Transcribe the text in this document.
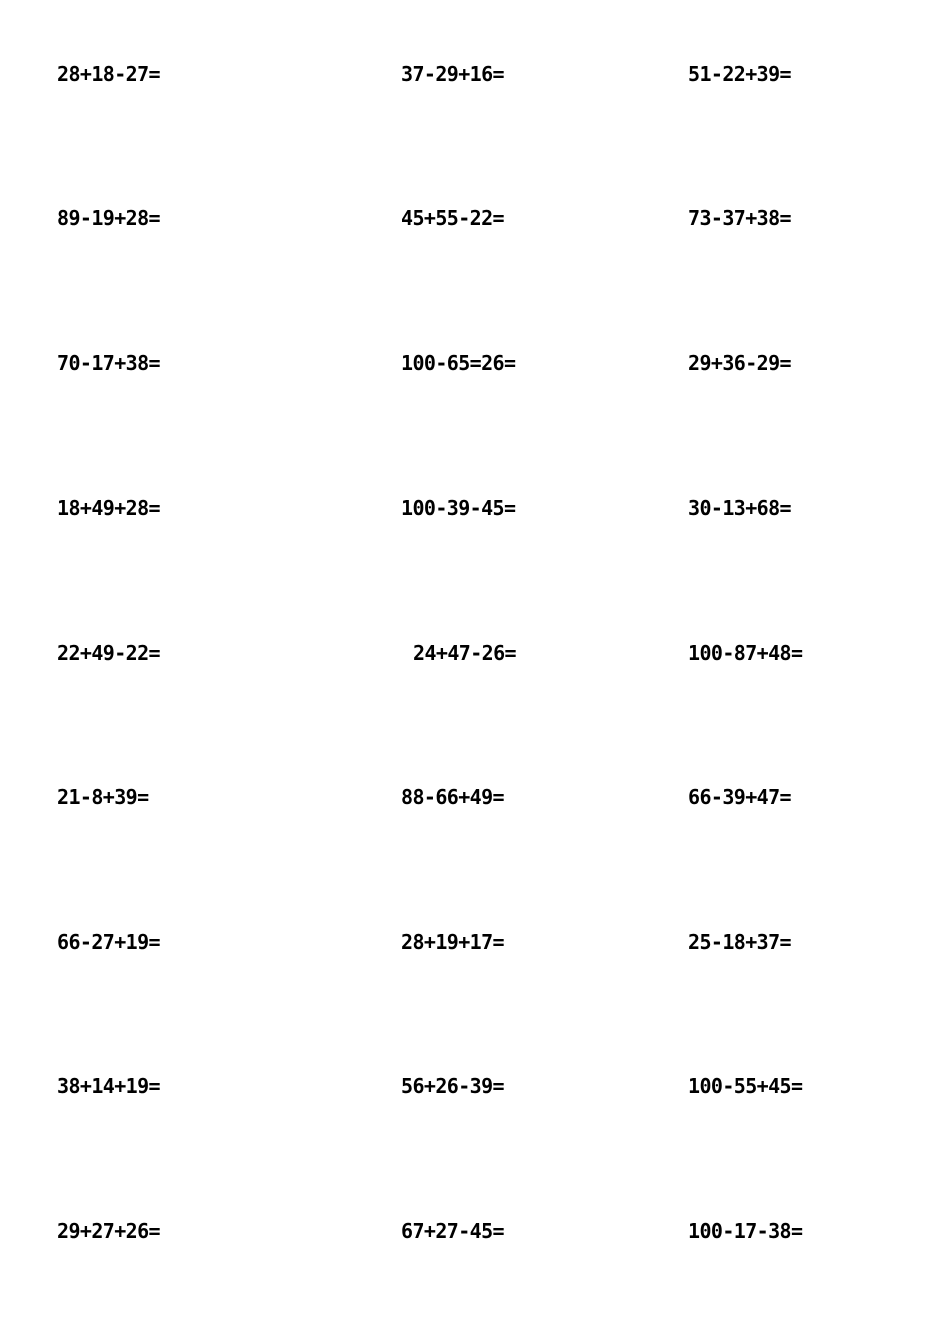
28+18-27=	37-29+16=	51-22+39=
89-19+28=	45+55-22=	73-37+38=
70-17+38=	100-65=26=	29+36-29=
18+49+28=	100-39-45=	30-13+68=
22+49-22=	24+47-26=	100-87+48=
21-8+39=	88-66+49=	66-39+47=
66-27+19=	28+19+17=	25-18+37=
38+14+19=	56+26-39=	100-55+45=
29+27+26=	67+27-45=	100-17-38=
